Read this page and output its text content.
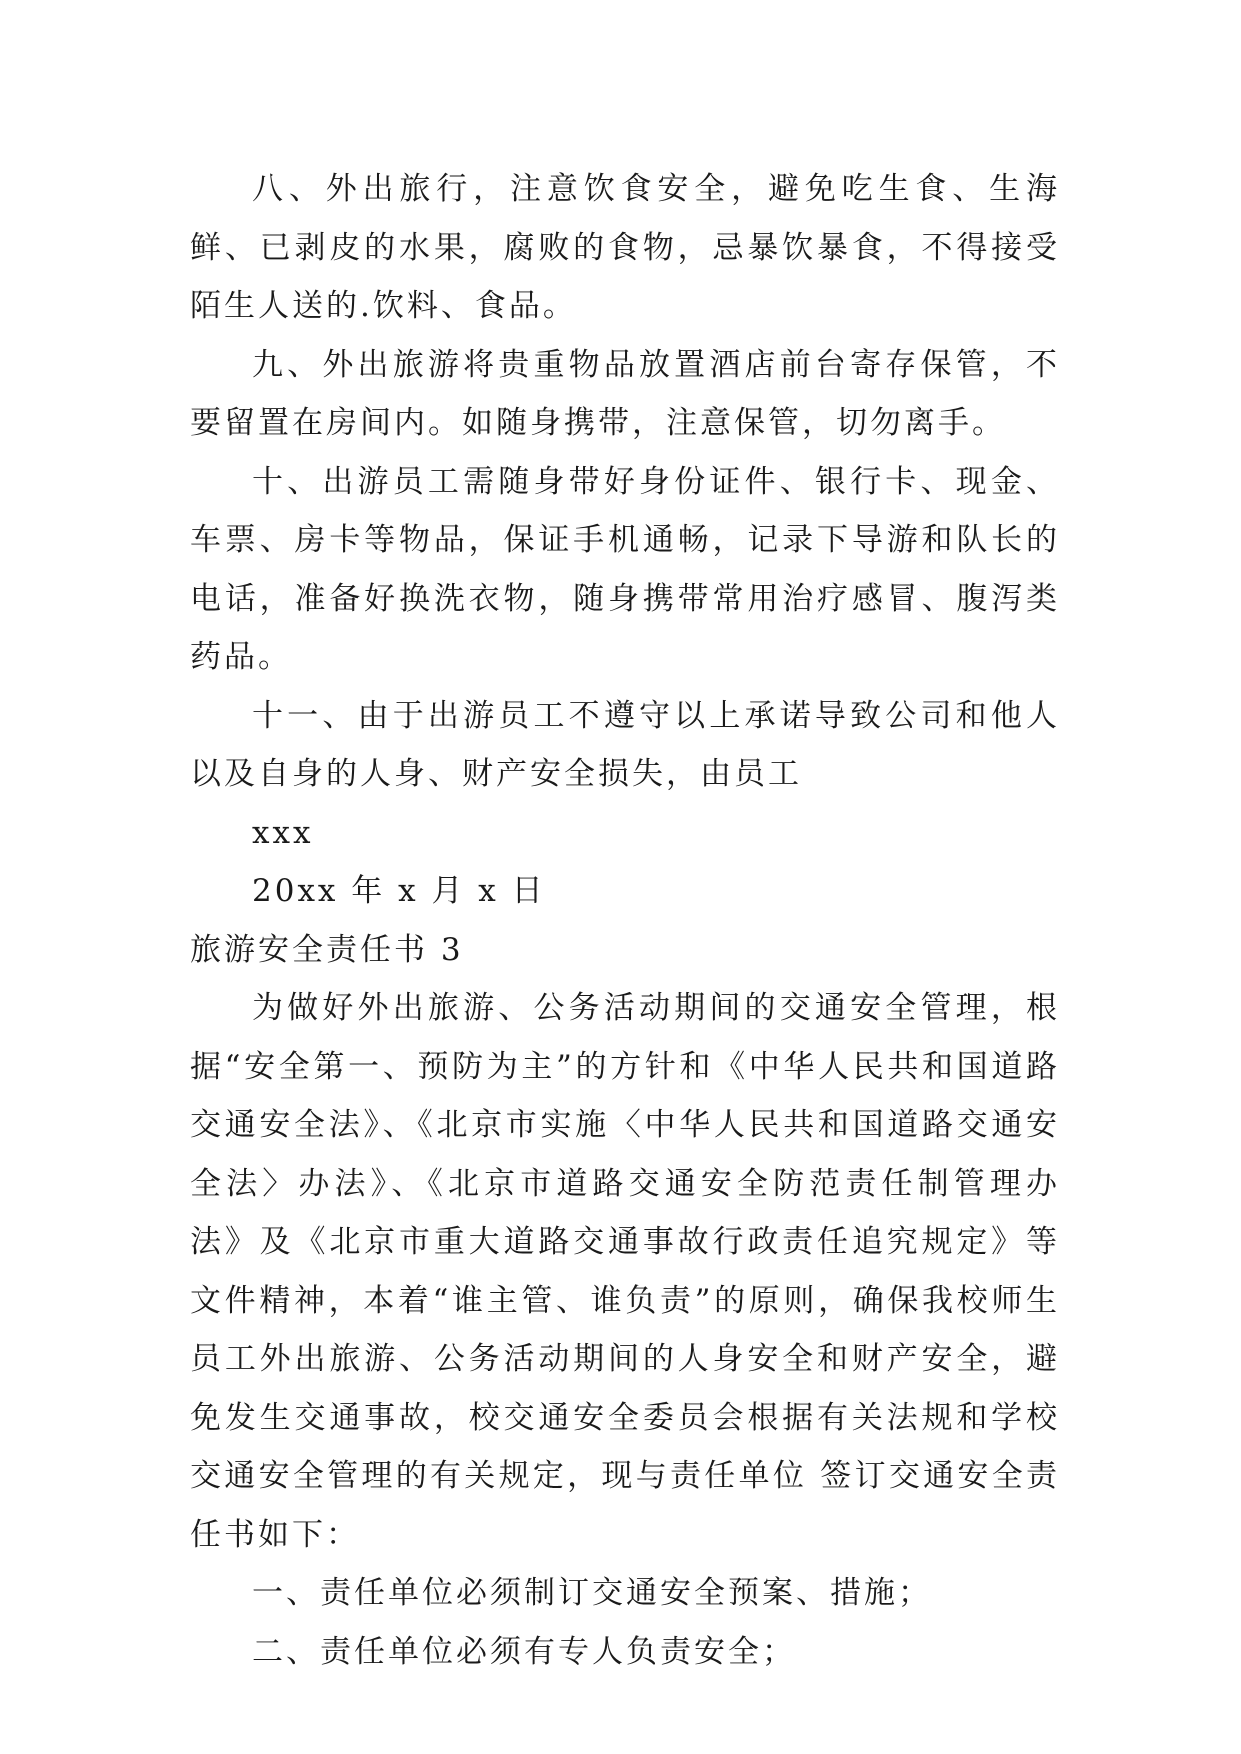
八、外出旅行，注意饮食安全，避免吃生食、生海鲜、已剥皮的水果，腐败的食物，忌暴饮暴食，不得接受陌生人送的.饮料、食品。

九、外出旅游将贵重物品放置酒店前台寄存保管，不要留置在房间内。如随身携带，注意保管，切勿离手。

十、出游员工需随身带好身份证件、银行卡、现金、车票、房卡等物品，保证手机通畅，记录下导游和队长的电话，准备好换洗衣物，随身携带常用治疗感冒、腹泻类药品。

十一、由于出游员工不遵守以上承诺导致公司和他人以及自身的人身、财产安全损失，由员工

xxx

20xx 年 x 月 x 日

旅游安全责任书 3

为做好外出旅游、公务活动期间的交通安全管理，根据“安全第一、预防为主”的方针和《中华人民共和国道路交通安全法》、《北京市实施〈中华人民共和国道路交通安全法〉办法》、《北京市道路交通安全防范责任制管理办法》及《北京市重大道路交通事故行政责任追究规定》等文件精神，本着“谁主管、谁负责”的原则，确保我校师生员工外出旅游、公务活动期间的人身安全和财产安全，避免发生交通事故，校交通安全委员会根据有关法规和学校交通安全管理的有关规定，现与责任单位 签订交通安全责任书如下：

一、责任单位必须制订交通安全预案、措施；

二、责任单位必须有专人负责安全；
